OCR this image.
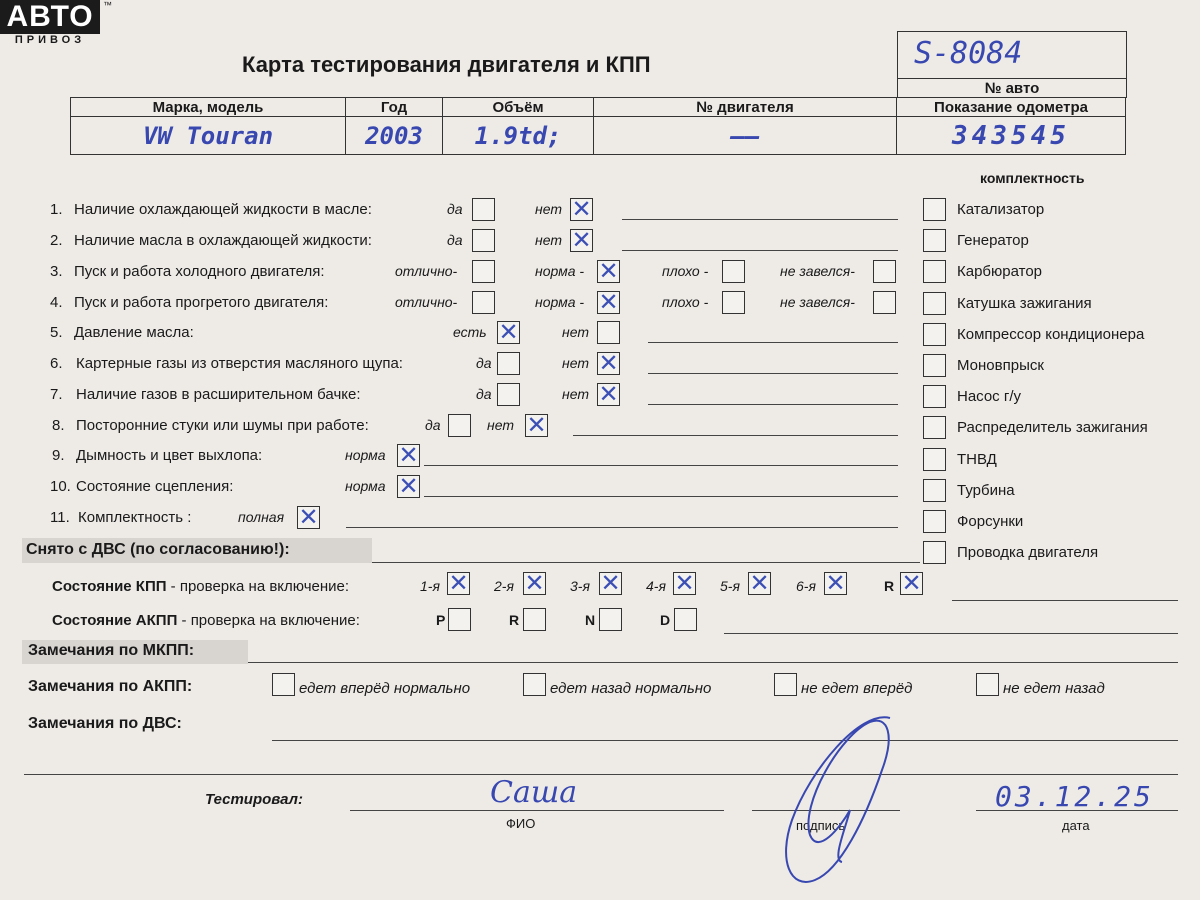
АВТО
ПРИВОЗ
™
Карта тестирования двигателя и КПП	S-8084
№ авто
Марка, модель	Год	Объём	№ двигателя	Показание одометра
VW Touran	2003	1.9td;	——	343545
комплектность
Катализатор
Генератор
Карбюратор
Катушка зажигания
Компрессор кондиционера
Моновпрыск
Насос г/у
Распределитель зажигания
ТНВД
Турбина
Форсунки
Проводка двигателя
1. Наличие охлаждающей жидкости в масле:	да	нет ✕
2. Наличие масла в охлаждающей жидкости:	да	нет ✕
3. Пуск и работа холодного двигателя:	отлично-	норма - ✕	плохо -	не завелся-
4. Пуск и работа прогретого двигателя:	отлично-	норма - ✕	плохо -	не завелся-
5. Давление масла:	есть ✕	нет
6. Картерные газы из отверстия масляного щупа:	да	нет ✕
7. Наличие газов в расширительном бачке:	да	нет ✕
8. Посторонние стуки или шумы при работе:	да	нет ✕
9. Дымность и цвет выхлопа:	норма ✕
10. Состояние сцепления:	норма ✕
11. Комплектность :	полная ✕
Снято с ДВС (по согласованию!):
Состояние КПП - проверка на включение:	1-я ✕ 2-я ✕ 3-я ✕ 4-я ✕ 5-я ✕ 6-я ✕	R ✕
Состояние АКПП - проверка на включение:	P	R	N	D
Замечания по МКПП:
Замечания по АКПП:	едет вперёд нормально	едет назад нормально	не едет вперёд	не едет назад
Замечания по ДВС:
Тестировал:	Саша
ФИО	подпись
03.12.25
дата
